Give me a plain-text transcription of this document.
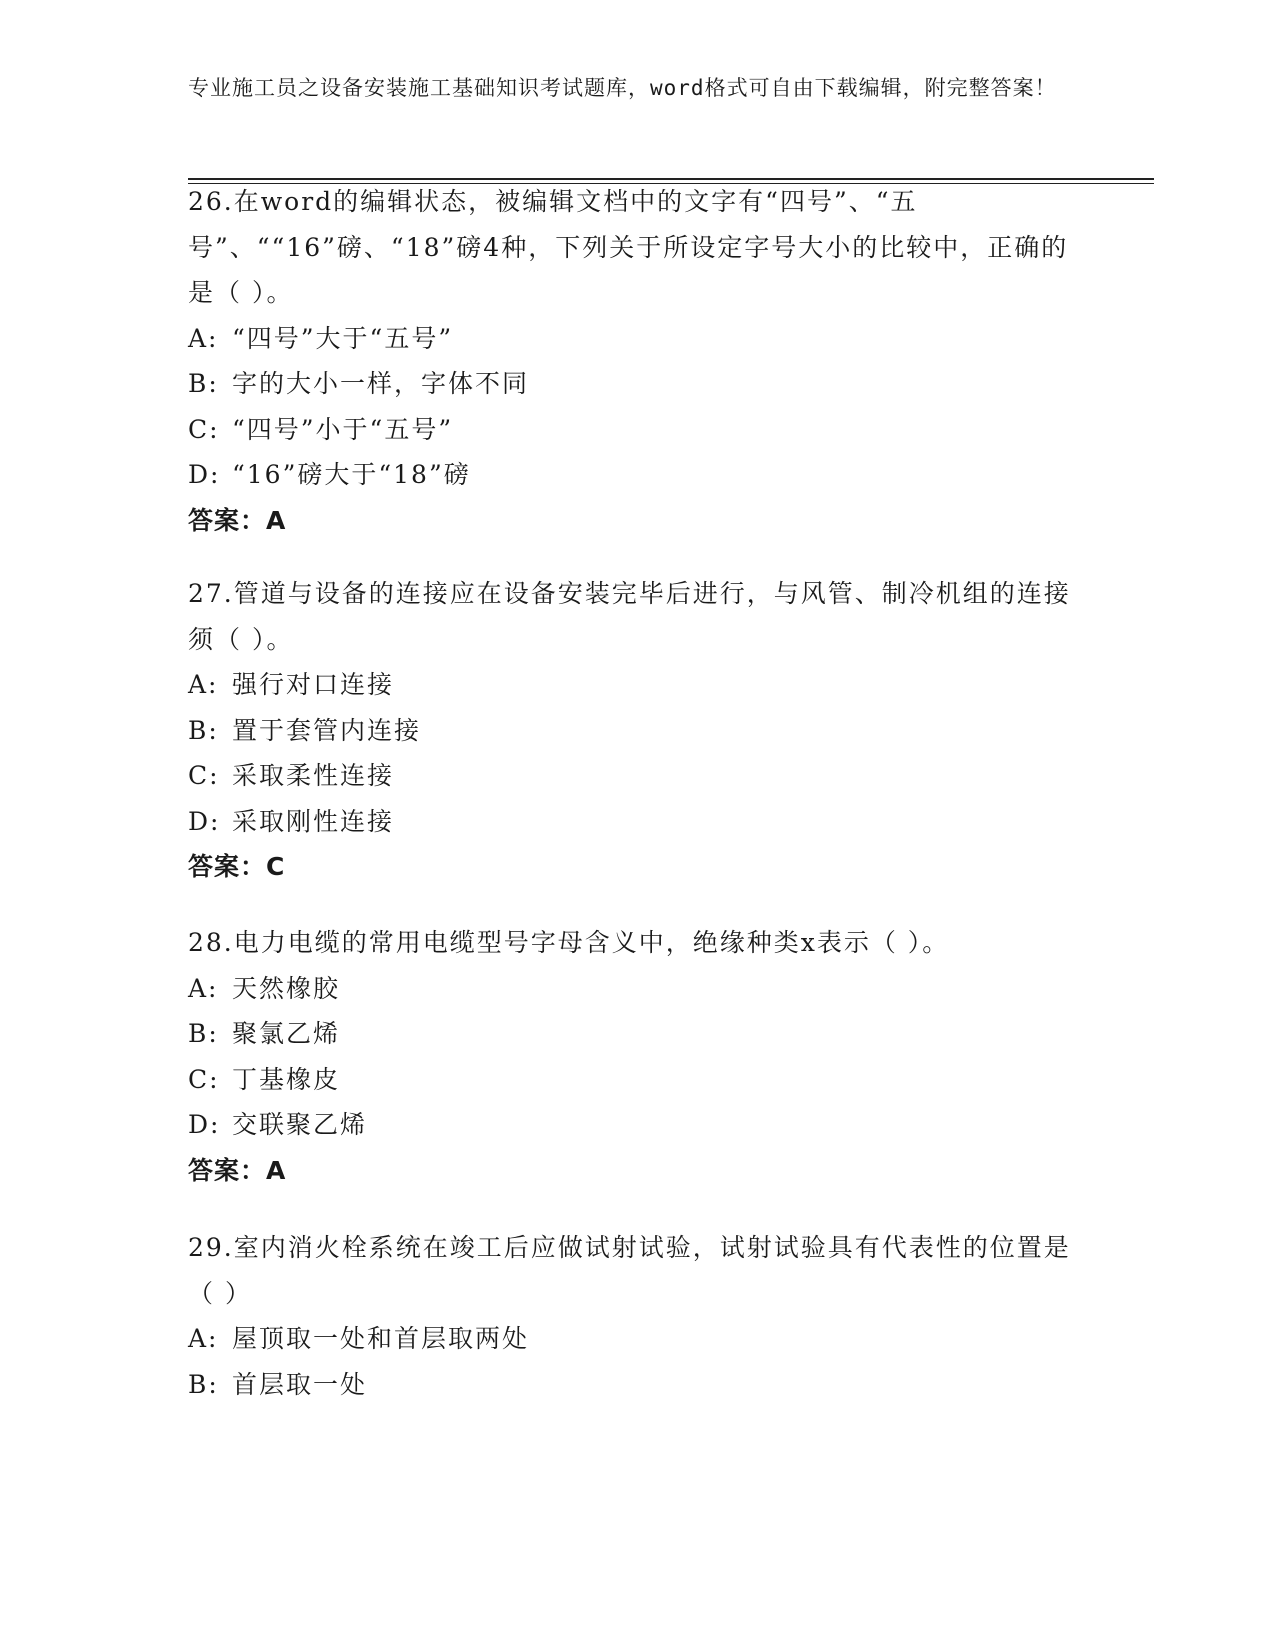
专业施工员之设备安装施工基础知识考试题库，word格式可自由下载编辑，附完整答案！
26.在word的编辑状态，被编辑文档中的文字有“四号”、“五号”、““16”磅、“18”磅4种，下列关于所设定字号大小的比较中，正确的是（ ）。
A: “四号”大于“五号”
B: 字的大小一样，字体不同
C: “四号”小于“五号”
D: “16”磅大于“18”磅
答案：A
27.管道与设备的连接应在设备安装完毕后进行，与风管、制冷机组的连接须（ ）。
A: 强行对口连接
B: 置于套管内连接
C: 采取柔性连接
D: 采取刚性连接
答案：C
28.电力电缆的常用电缆型号字母含义中，绝缘种类x表示（ ）。
A: 天然橡胶
B: 聚氯乙烯
C: 丁基橡皮
D: 交联聚乙烯
答案：A
29.室内消火栓系统在竣工后应做试射试验，试射试验具有代表性的位置是（ ）
A: 屋顶取一处和首层取两处
B: 首层取一处
